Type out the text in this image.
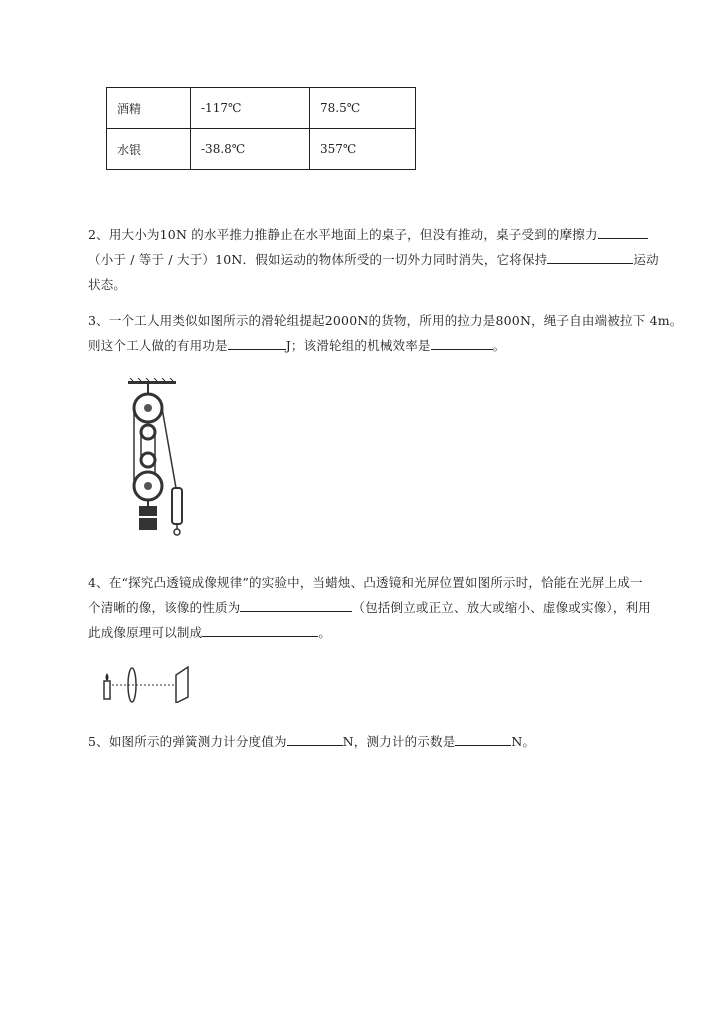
酒精	-117℃	78.5℃
水银	-38.8℃	357℃

2、用大小为10N 的水平推力推静止在水平地面上的桌子，但没有推动，桌子受到的摩擦力

（小于 / 等于 / 大于）10N．假如运动的物体所受的一切外力同时消失，它将保持	运动

状态。

3、一个工人用类似如图所示的滑轮组提起2000N的货物，所用的拉力是800N，绳子自由端被拉下 4m。

则这个工人做的有用功是	J；该滑轮组的机械效率是	。

4、在“探究凸透镜成像规律”的实验中，当蜡烛、凸透镜和光屏位置如图所示时，恰能在光屏上成一

个清晰的像，该像的性质为	（包括倒立或正立、放大或缩小、虚像或实像），利用

此成像原理可以制成	。

5、如图所示的弹簧测力计分度值为	N，测力计的示数是	N。
